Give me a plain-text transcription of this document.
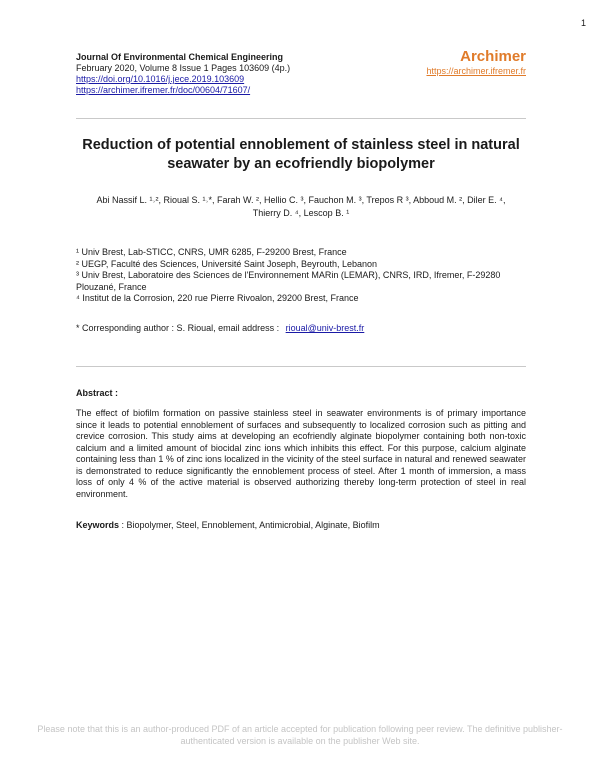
1
Journal Of Environmental Chemical Engineering
February 2020, Volume 8 Issue 1 Pages 103609 (4p.)
https://doi.org/10.1016/j.jece.2019.103609
https://archimer.ifremer.fr/doc/00604/71607/
Archimer
https://archimer.ifremer.fr
Reduction of potential ennoblement of stainless steel in natural seawater by an ecofriendly biopolymer
Abi Nassif L. ¹˒², Rioual S. ¹˒*, Farah W. ², Hellio C. ³, Fauchon M. ³, Trepos R ³, Abboud M. ², Diler E. ⁴,
Thierry D. ⁴, Lescop B. ¹
¹ Univ Brest, Lab-STICC, CNRS, UMR 6285, F-29200 Brest, France
² UEGP, Faculté des Sciences, Université Saint Joseph, Beyrouth, Lebanon
³ Univ Brest, Laboratoire des Sciences de l'Environnement MARin (LEMAR), CNRS, IRD, Ifremer, F-29280 Plouzané, France
⁴ Institut de la Corrosion, 220 rue Pierre Rivoalon, 29200 Brest, France
* Corresponding author : S. Rioual, email address : rioual@univ-brest.fr
Abstract :
The effect of biofilm formation on passive stainless steel in seawater environments is of primary importance since it leads to potential ennoblement of surfaces and subsequently to localized corrosion such as pitting and crevice corrosion. This study aims at developing an ecofriendly alginate biopolymer containing both non-toxic calcium and a limited amount of biocidal zinc ions which inhibits this effect. For this purpose, calcium alginate containing less than 1 % of zinc ions localized in the vicinity of the steel surface in natural and renewed seawater is demonstrated to reduce significantly the ennoblement process of steel. After 1 month of immersion, a mass loss of only 4 % of the active material is observed authorizing thereby long-term protection of steel in real environment.
Keywords : Biopolymer, Steel, Ennoblement, Antimicrobial, Alginate, Biofilm
Please note that this is an author-produced PDF of an article accepted for publication following peer review. The definitive publisher-authenticated version is available on the publisher Web site.
